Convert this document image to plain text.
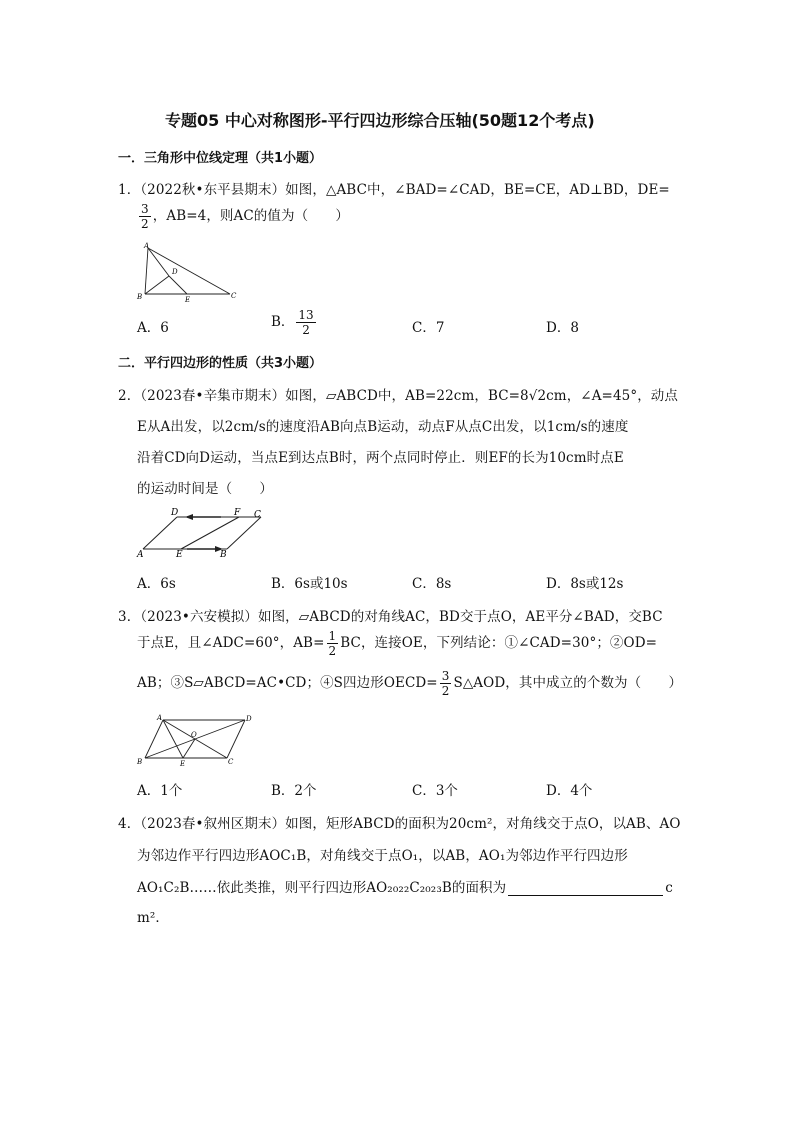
专题05 中心对称图形-平行四边形综合压轴(50题12个考点)
一．三角形中位线定理（共1小题）
1．（2022秋•东平县期末）如图，△ABC中，∠BAD=∠CAD，BE=CE，AD⊥BD，DE=
$\frac{3}{2}$ ，AB=4，则AC的值为（　　）
A
B	C
D
E
A．6	B． $\frac{13}{2}$	C．7	D．8
二．平行四边形的性质（共3小题）
2．（2023春•辛集市期末）如图，▱ABCD中，AB=22cm，BC=8√2cm，∠A=45°，动点
E从A出发，以2cm/s的速度沿AB向点B运动，动点F从点C出发，以1cm/s的速度
沿着CD向D运动，当点E到达点B时，两个点同时停止．则EF的长为10cm时点E
的运动时间是（　　）
D	F C
A	E	B
A．6s	B．6s或10s	C．8s	D．8s或12s
3．（2023•六安模拟）如图，▱ABCD的对角线AC，BD交于点O，AE平分∠BAD，交BC
于点E，且∠ADC=60°，$AB= \frac{1}{2}$ BC，连接OE，下列结论：①∠CAD=30°；②OD=
AB；③S▱ABCD=AC•CD；④S四边形OECD= $\frac{3}{2}$ S△AOD，其中成立的个数为（　　）
A	D
B	E	C
O
A．1个	B．2个	C．3个	D．4个
4．（2023春•叙州区期末）如图，矩形ABCD的面积为20cm²，对角线交于点O，以AB、AO
为邻边作平行四边形AOC₁B，对角线交于点O₁，以AB，AO₁为邻边作平行四边形
AO₁C₂B……依此类推，则平行四边形AO₂₀₂₂C₂₀₂₃B的面积为	c
m²．
